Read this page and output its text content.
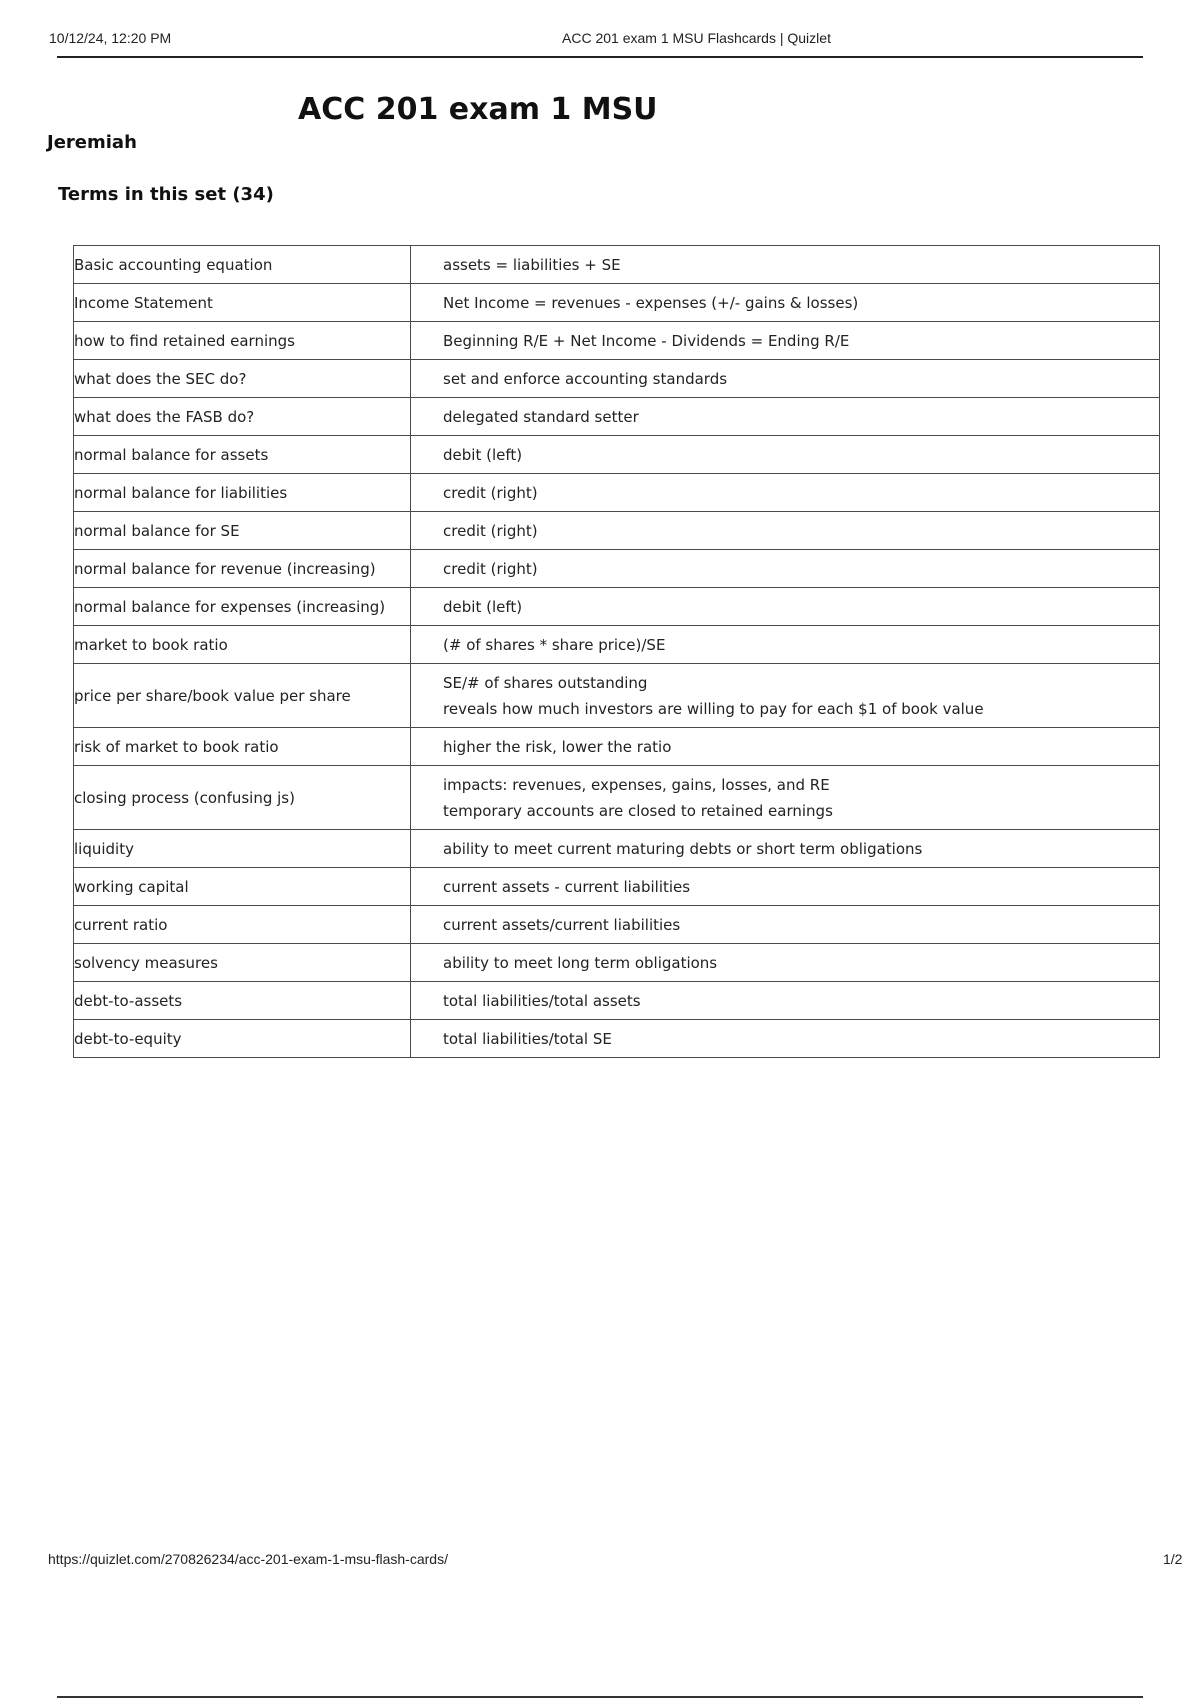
10/12/24, 12:20 PM	ACC 201 exam 1 MSU Flashcards | Quizlet
ACC 201 exam 1 MSU
Jeremiah
Terms in this set (34)
Basic accounting equation	assets = liabilities + SE

Income Statement	Net Income = revenues - expenses (+/- gains & losses)

how to find retained earnings	Beginning R/E + Net Income - Dividends = Ending R/E

what does the SEC do?	set and enforce accounting standards

what does the FASB do?	delegated standard setter

normal balance for assets	debit (left)

normal balance for liabilities	credit (right)

normal balance for SE	credit (right)

normal balance for revenue (increasing)	credit (right)

normal balance for expenses (increasing)	debit (left)

market to book ratio	(# of shares * share price)/SE

price per share/book value per share	SE/# of shares outstanding
reveals how much investors are willing to pay for each $1 of book value

risk of market to book ratio	higher the risk, lower the ratio

closing process (confusing js)	impacts: revenues, expenses, gains, losses, and RE
temporary accounts are closed to retained earnings

liquidity	ability to meet current maturing debts or short term obligations

working capital	current assets - current liabilities

current ratio	current assets/current liabilities

solvency measures	ability to meet long term obligations

debt-to-assets	total liabilities/total assets

debt-to-equity	total liabilities/total SE
https://quizlet.com/270826234/acc-201-exam-1-msu-flash-cards/	1/2
